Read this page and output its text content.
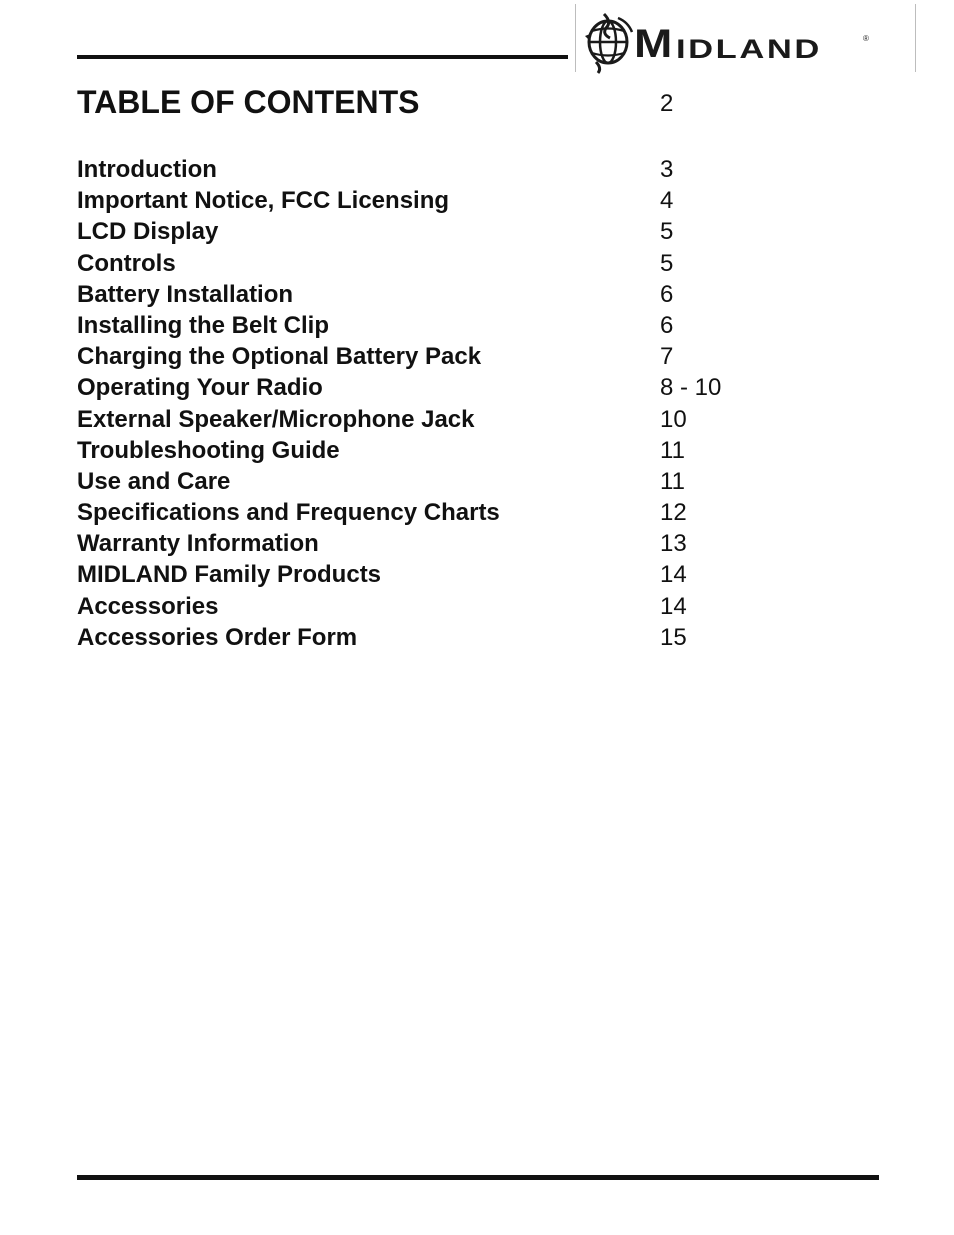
M IDLAND	®
TABLE OF CONTENTS	2
Introduction	3
Important Notice, FCC Licensing	4
LCD Display	5
Controls	5
Battery Installation	6
Installing the Belt Clip	6
Charging the Optional Battery Pack	7
Operating Your Radio	8 - 10
External Speaker/Microphone Jack	10
Troubleshooting Guide	11
Use and Care	11
Specifications and Frequency Charts	12
Warranty Information	13
MIDLAND Family Products	14
Accessories	14
Accessories Order Form	15
